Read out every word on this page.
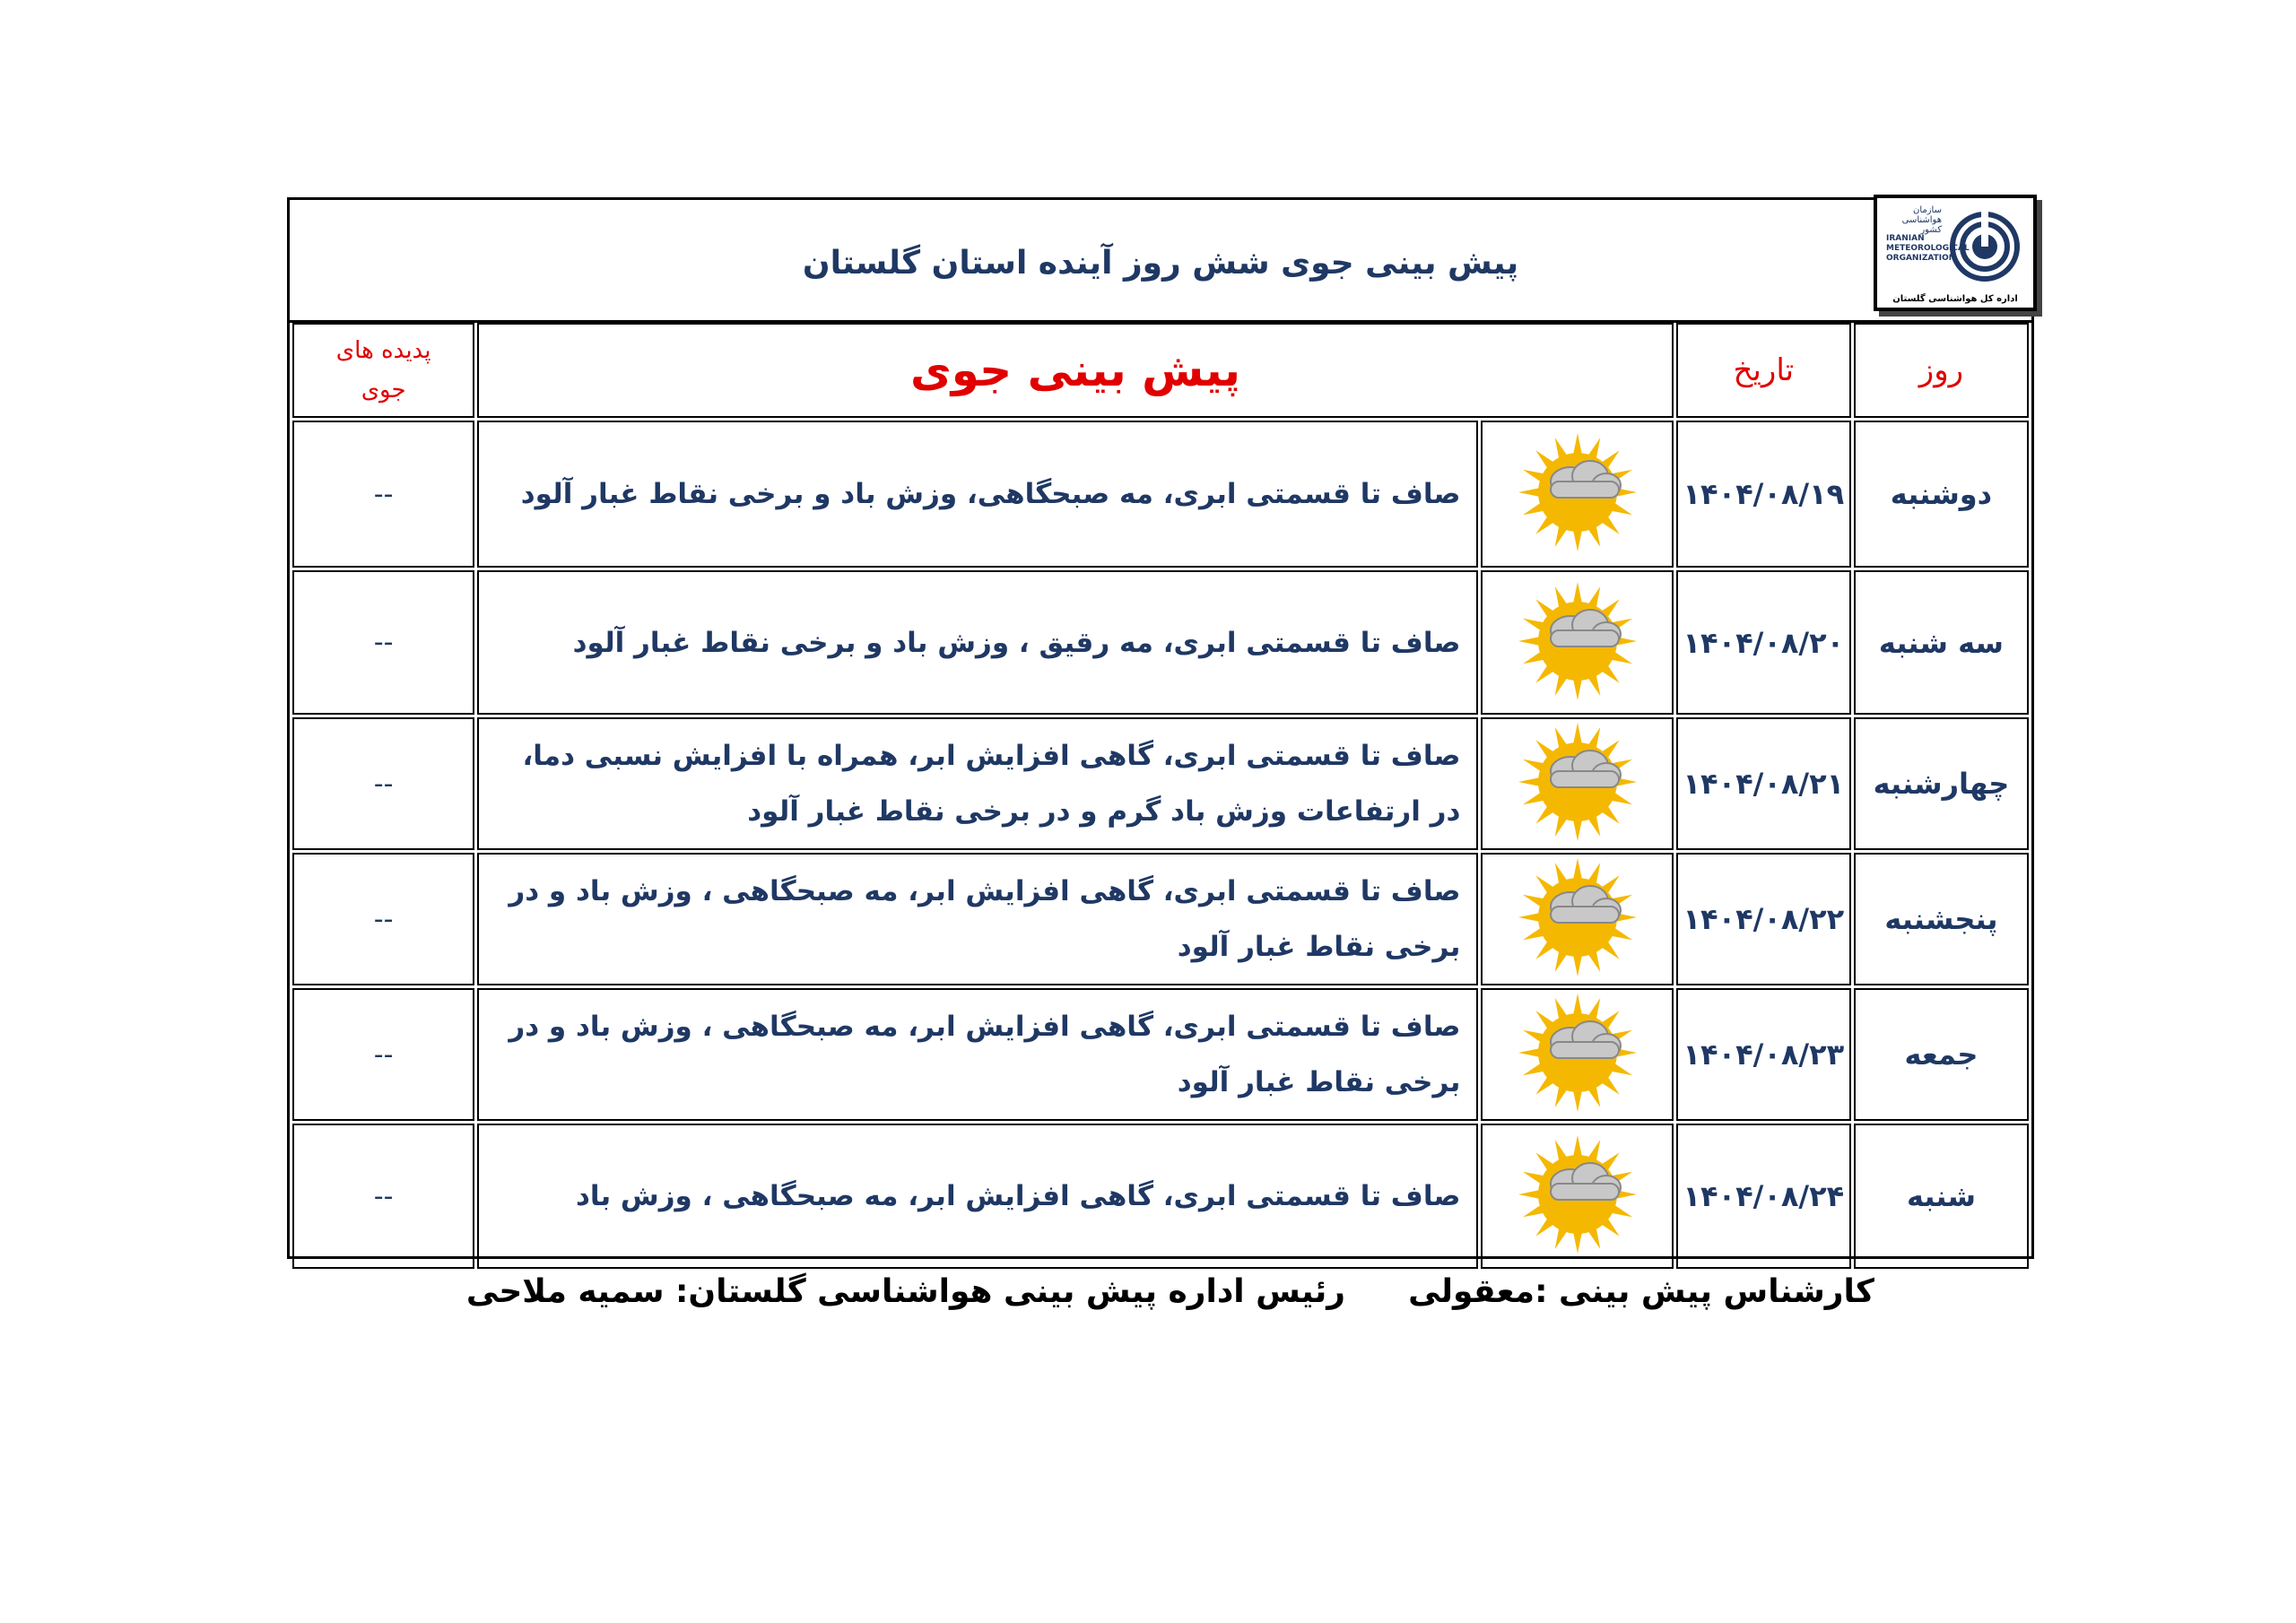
پیش بینی جوی شش روز آینده استان گلستان
سازمان هواشناسی کشور
IRANIAN METEOROLOGICAL ORGANIZATION
اداره کل هواشناسی گلستان
روز	تاریخ	پیش بینی جوی		پدیده های
جوی

دوشنبه	۱۴۰۴/۰۸/۱۹		صاف تا قسمتی ابری، مه صبحگاهی، وزش باد و برخی نقاط غبار آلود	--
سه شنبه	۱۴۰۴/۰۸/۲۰		صاف تا قسمتی ابری، مه رقیق ، وزش باد و برخی نقاط غبار آلود	--
چهارشنبه	۱۴۰۴/۰۸/۲۱		صاف تا قسمتی ابری، گاهی افزایش ابر، همراه با افزایش نسبی دما، در ارتفاعات وزش باد گرم و در برخی نقاط غبار آلود	--
پنجشنبه	۱۴۰۴/۰۸/۲۲		صاف تا قسمتی ابری، گاهی افزایش ابر، مه صبحگاهی ، وزش باد و در برخی نقاط غبار آلود	--
جمعه	۱۴۰۴/۰۸/۲۳		صاف تا قسمتی ابری، گاهی افزایش ابر، مه صبحگاهی ، وزش باد و در برخی نقاط غبار آلود	--
شنبه	۱۴۰۴/۰۸/۲۴		صاف تا قسمتی ابری، گاهی افزایش ابر، مه صبحگاهی ، وزش باد	--
کارشناس پیش بینی :معقولی
رئیس اداره پیش بینی هواشناسی گلستان: سمیه ملاحی
